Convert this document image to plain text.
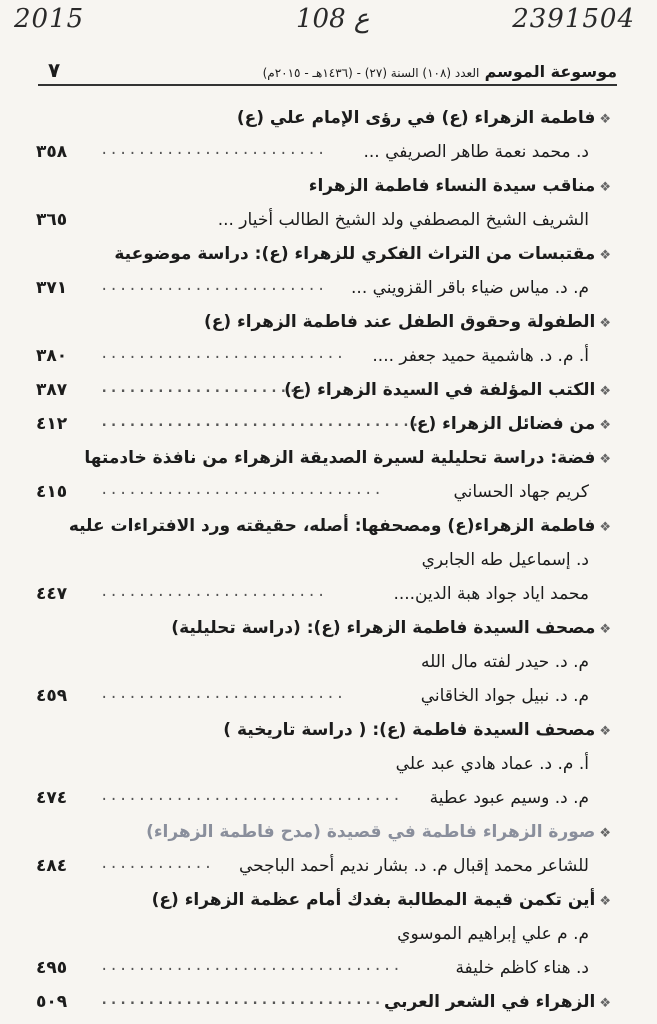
2015	108 ع	2391504
موسوعة الموسم العدد (١٠٨) السنة (٢٧) - (١٤٣٦هـ - ٢٠١٥م)
٧
❖فاطمة الزهراء (ع) في رؤى الإمام علي (ع)
د. محمد نعمة طاهر الصريفي ...
........................
٣٥٨
❖مناقب سيدة النساء فاطمة الزهراء
الشريف الشيخ المصطفي ولد الشيخ الطالب أخيار ...
٣٦٥
❖مقتبسات من التراث الفكري للزهراء (ع): دراسة موضوعية
م. د. مياس ضياء باقر القزويني ...
........................
٣٧١
❖الطفولة وحقوق الطفل عند فاطمة الزهراء (ع)
أ. م. د. هاشمية حميد جعفر ....
..........................
٣٨٠
❖الكتب المؤلفة في السيدة الزهراء (ع)
......................
٣٨٧
❖من فضائل الزهراء (ع)
..................................
٤١٢
❖فضة: دراسة تحليلية لسيرة الصديقة الزهراء من نافذة خادمتها
كريم جهاد الحساني
..............................
٤١٥
❖فاطمة الزهراء(ع) ومصحفها: أصله، حقيقته ورد الافتراءات عليه
د. إسماعيل طه الجابري
محمد اياد جواد هبة الدين....
........................
٤٤٧
❖مصحف السيدة فاطمة الزهراء (ع): (دراسة تحليلية)
م. د. حيدر لفته مال الله
م. د. نبيل جواد الخاقاني
..........................
٤٥٩
❖مصحف السيدة فاطمة (ع): ( دراسة تاريخية )
أ. م. د. عماد هادي عبد علي
م. د. وسيم عبود عطية
................................
٤٧٤
❖صورة الزهراء فاطمة في قصيدة (مدح فاطمة الزهراء)
للشاعر محمد إقبال م. د. بشار نديم أحمد الباجحي
............
٤٨٤
❖أين تكمن قيمة المطالبة بفدك أمام عظمة الزهراء (ع)
م. م علي إبراهيم الموسوي
د. هناء كاظم خليفة
................................
٤٩٥
❖الزهراء في الشعر العربي
..............................
٥٠٩
